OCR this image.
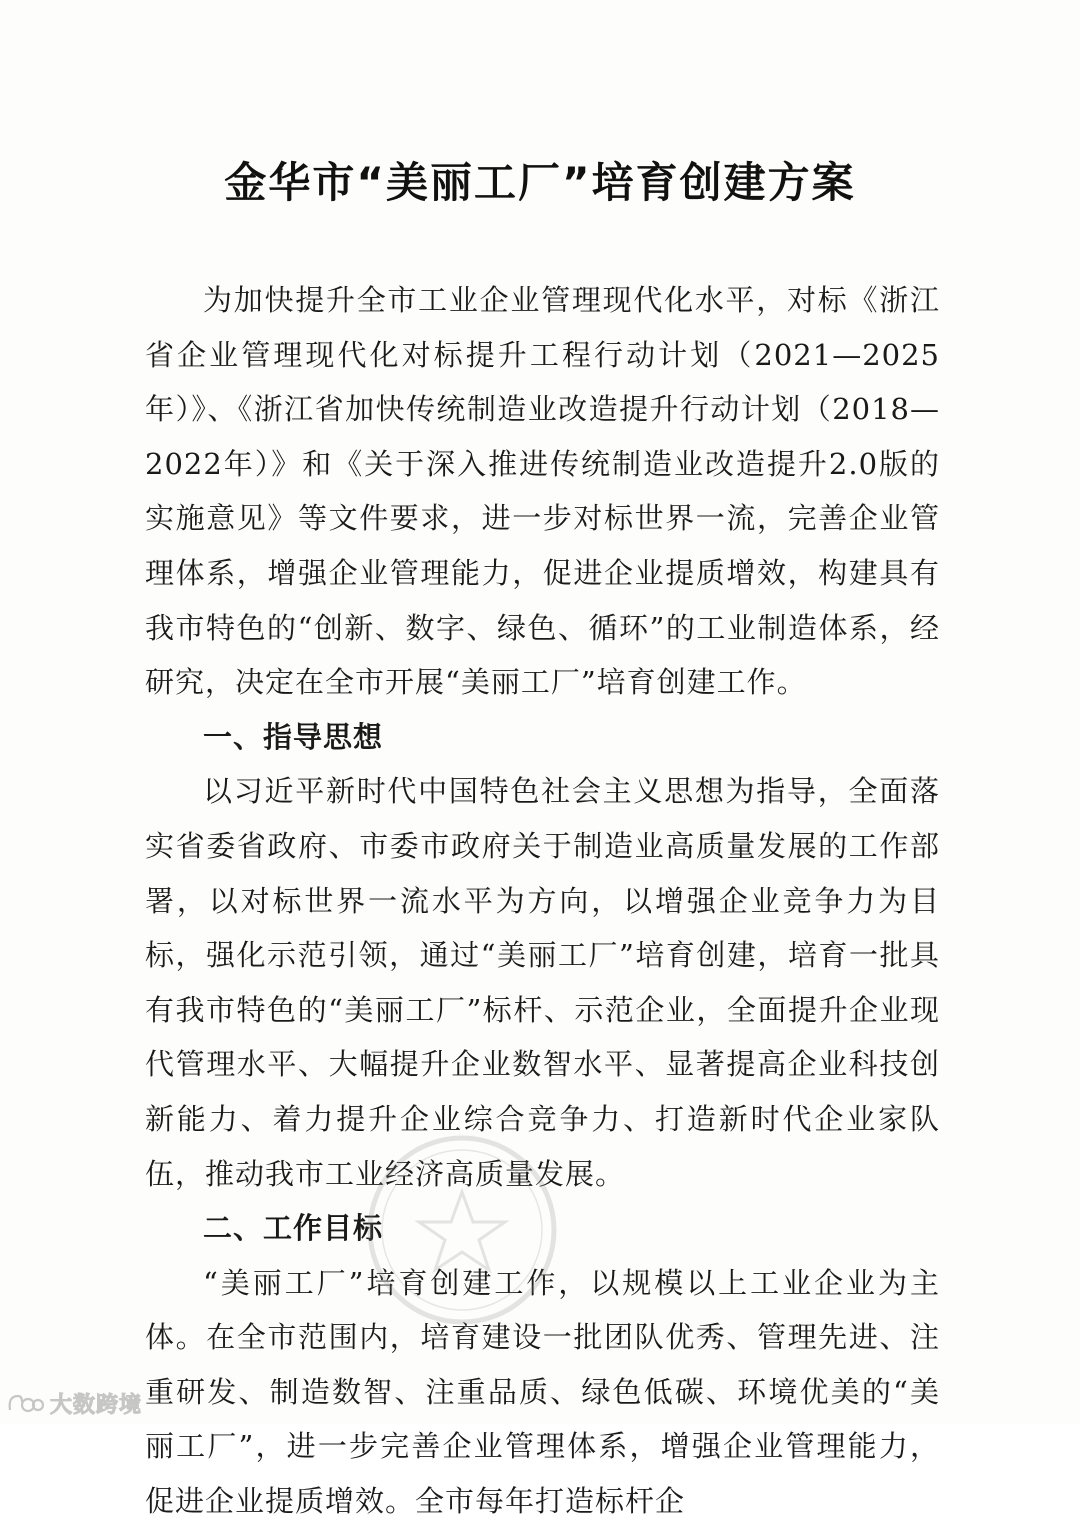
金华市“美丽工厂”培育创建方案

为加快提升全市工业企业管理现代化水平，对标《浙江省企业管理现代化对标提升工程行动计划（2021—2025年）》、《浙江省加快传统制造业改造提升行动计划（2018—2022年）》和《关于深入推进传统制造业改造提升2.0版的实施意见》等文件要求，进一步对标世界一流，完善企业管理体系，增强企业管理能力，促进企业提质增效，构建具有我市特色的“创新、数字、绿色、循环”的工业制造体系，经研究，决定在全市开展“美丽工厂”培育创建工作。

一、指导思想

以习近平新时代中国特色社会主义思想为指导，全面落实省委省政府、市委市政府关于制造业高质量发展的工作部署，以对标世界一流水平为方向，以增强企业竞争力为目标，强化示范引领，通过“美丽工厂”培育创建，培育一批具有我市特色的“美丽工厂”标杆、示范企业，全面提升企业现代管理水平、大幅提升企业数智水平、显著提高企业科技创新能力、着力提升企业综合竞争力、打造新时代企业家队伍，推动我市工业经济高质量发展。

二、工作目标

“美丽工厂”培育创建工作，以规模以上工业企业为主体。在全市范围内，培育建设一批团队优秀、管理先进、注重研发、制造数智、注重品质、绿色低碳、环境优美的“美丽工厂”，进一步完善企业管理体系，增强企业管理能力，促进企业提质增效。全市每年打造标杆企

大数跨境
